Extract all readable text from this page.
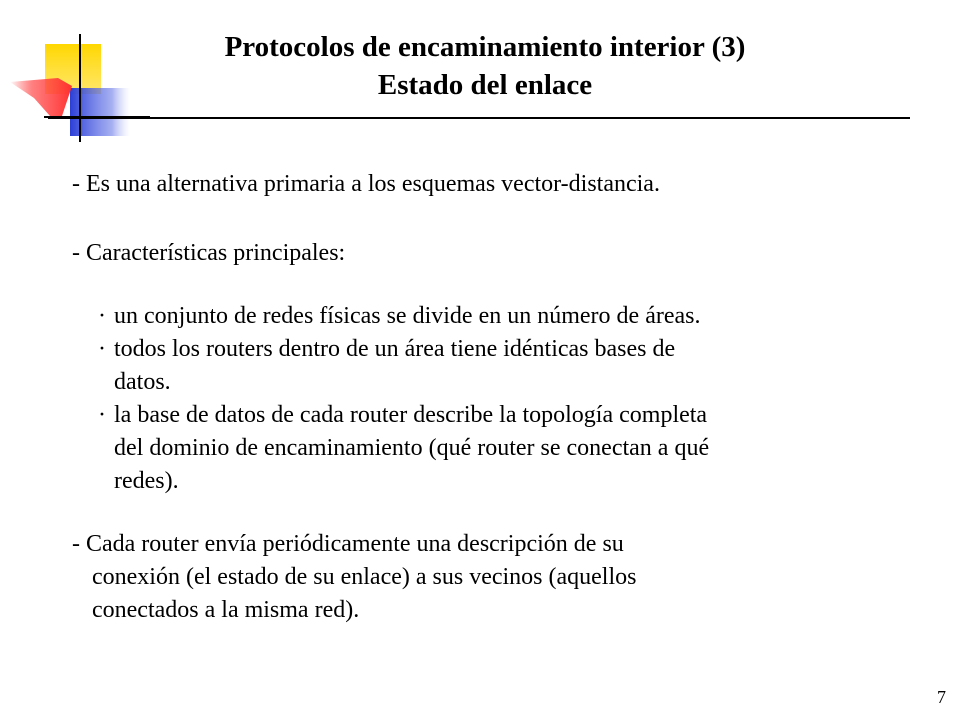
Protocolos de encaminamiento interior (3)
Estado del enlace

- Es una alternativa primaria a los esquemas vector-distancia.

- Características principales:

· un conjunto de redes físicas se divide en un número de áreas.
· todos los routers dentro de un área tiene idénticas bases de
datos.
· la base de datos de cada router describe la topología completa
del dominio de encaminamiento (qué router se conectan a qué
redes).

- Cada router envía periódicamente una descripción de su

conexión (el estado de su enlace) a sus vecinos (aquellos

conectados a la misma red).

7
